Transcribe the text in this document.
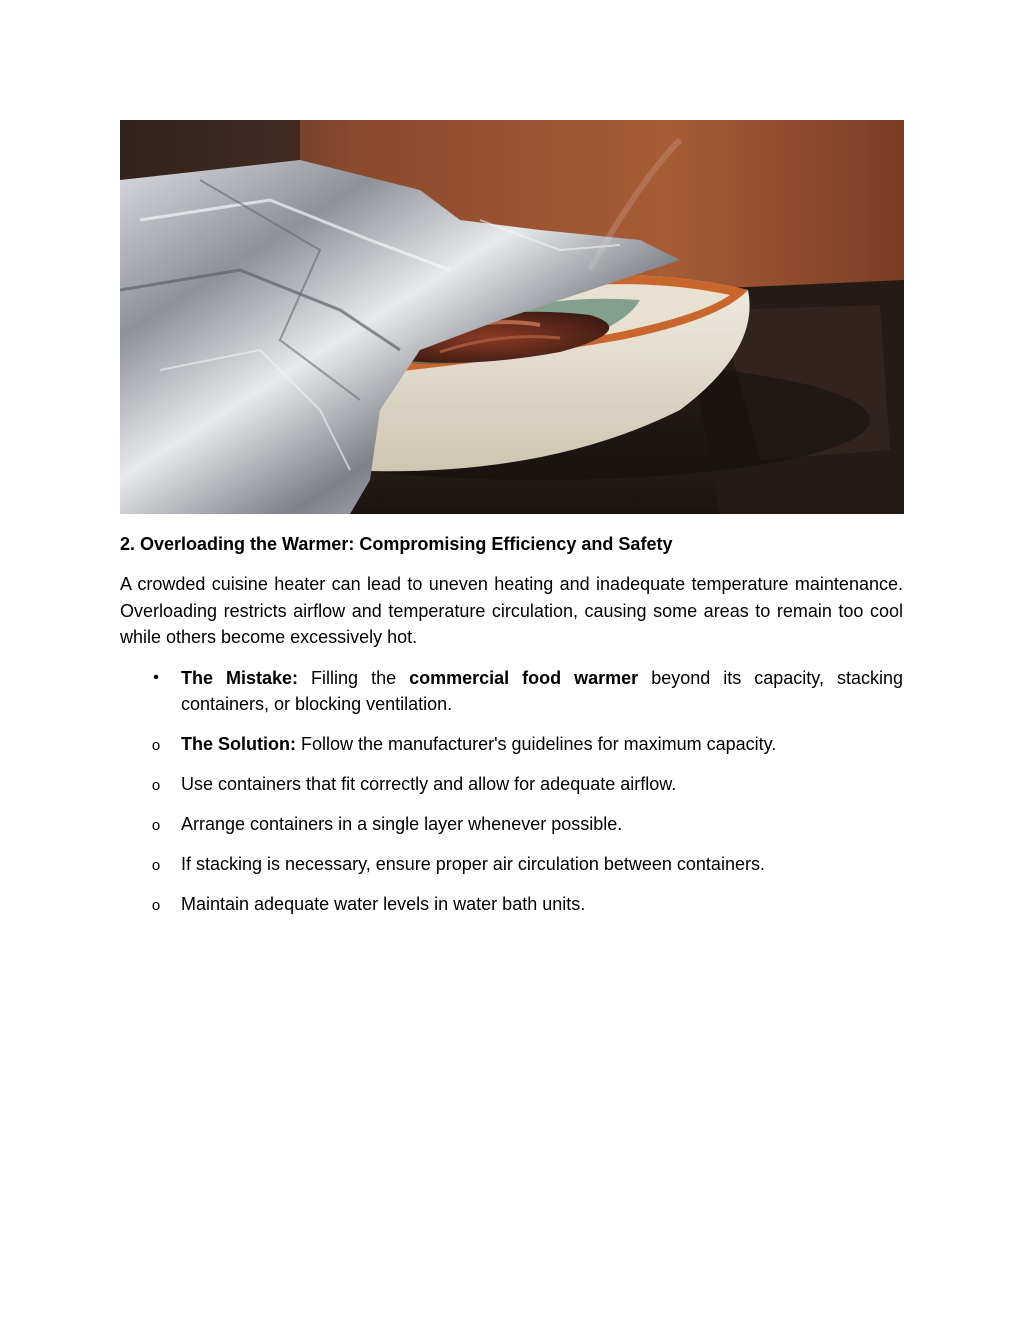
2. Overloading the Warmer: Compromising Efficiency and Safety

A crowded cuisine heater can lead to uneven heating and inadequate temperature maintenance. Overloading restricts airflow and temperature circulation, causing some areas to remain too cool while others become excessively hot.

• The Mistake: Filling the commercial food warmer beyond its capacity, stacking containers, or blocking ventilation.
o The Solution: Follow the manufacturer's guidelines for maximum capacity.
o Use containers that fit correctly and allow for adequate airflow.
o Arrange containers in a single layer whenever possible.
o If stacking is necessary, ensure proper air circulation between containers.
o Maintain adequate water levels in water bath units.
